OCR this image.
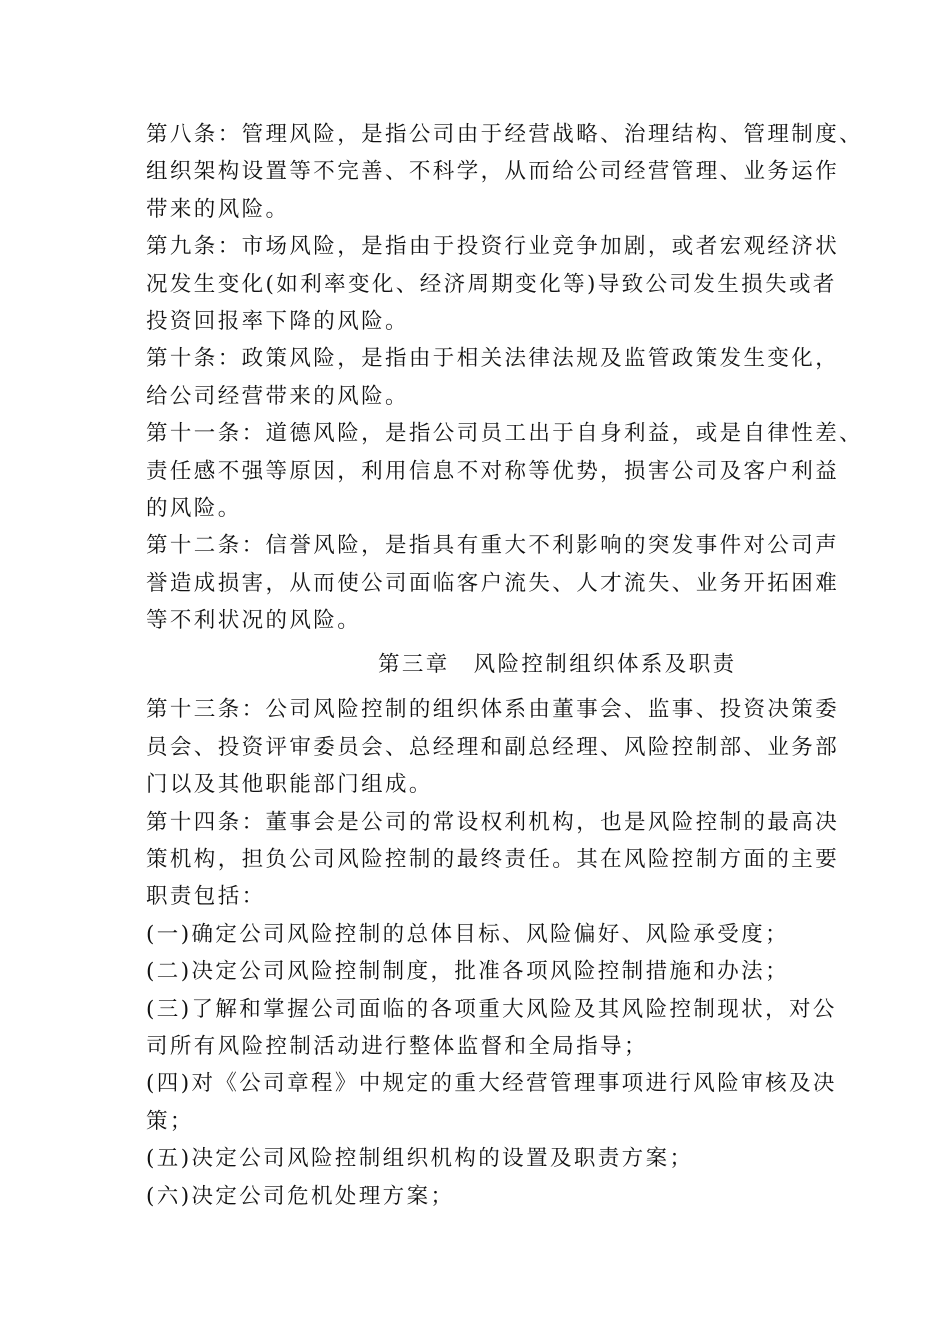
第八条：管理风险，是指公司由于经营战略、治理结构、管理制度、
组织架构设置等不完善、不科学，从而给公司经营管理、业务运作
带来的风险。

第九条：市场风险，是指由于投资行业竞争加剧，或者宏观经济状
况发生变化(如利率变化、经济周期变化等)导致公司发生损失或者
投资回报率下降的风险。

第十条：政策风险，是指由于相关法律法规及监管政策发生变化，
给公司经营带来的风险。

第十一条：道德风险，是指公司员工出于自身利益，或是自律性差、
责任感不强等原因，利用信息不对称等优势，损害公司及客户利益
的风险。

第十二条：信誉风险，是指具有重大不利影响的突发事件对公司声
誉造成损害，从而使公司面临客户流失、人才流失、业务开拓困难
等不利状况的风险。

第三章　风险控制组织体系及职责

第十三条：公司风险控制的组织体系由董事会、监事、投资决策委
员会、投资评审委员会、总经理和副总经理、风险控制部、业务部
门以及其他职能部门组成。

第十四条：董事会是公司的常设权利机构，也是风险控制的最高决
策机构，担负公司风险控制的最终责任。其在风险控制方面的主要
职责包括：

(一)确定公司风险控制的总体目标、风险偏好、风险承受度；

(二)决定公司风险控制制度，批准各项风险控制措施和办法；

(三)了解和掌握公司面临的各项重大风险及其风险控制现状，对公
司所有风险控制活动进行整体监督和全局指导；

(四)对《公司章程》中规定的重大经营管理事项进行风险审核及决
策；

(五)决定公司风险控制组织机构的设置及职责方案；

(六)决定公司危机处理方案；
